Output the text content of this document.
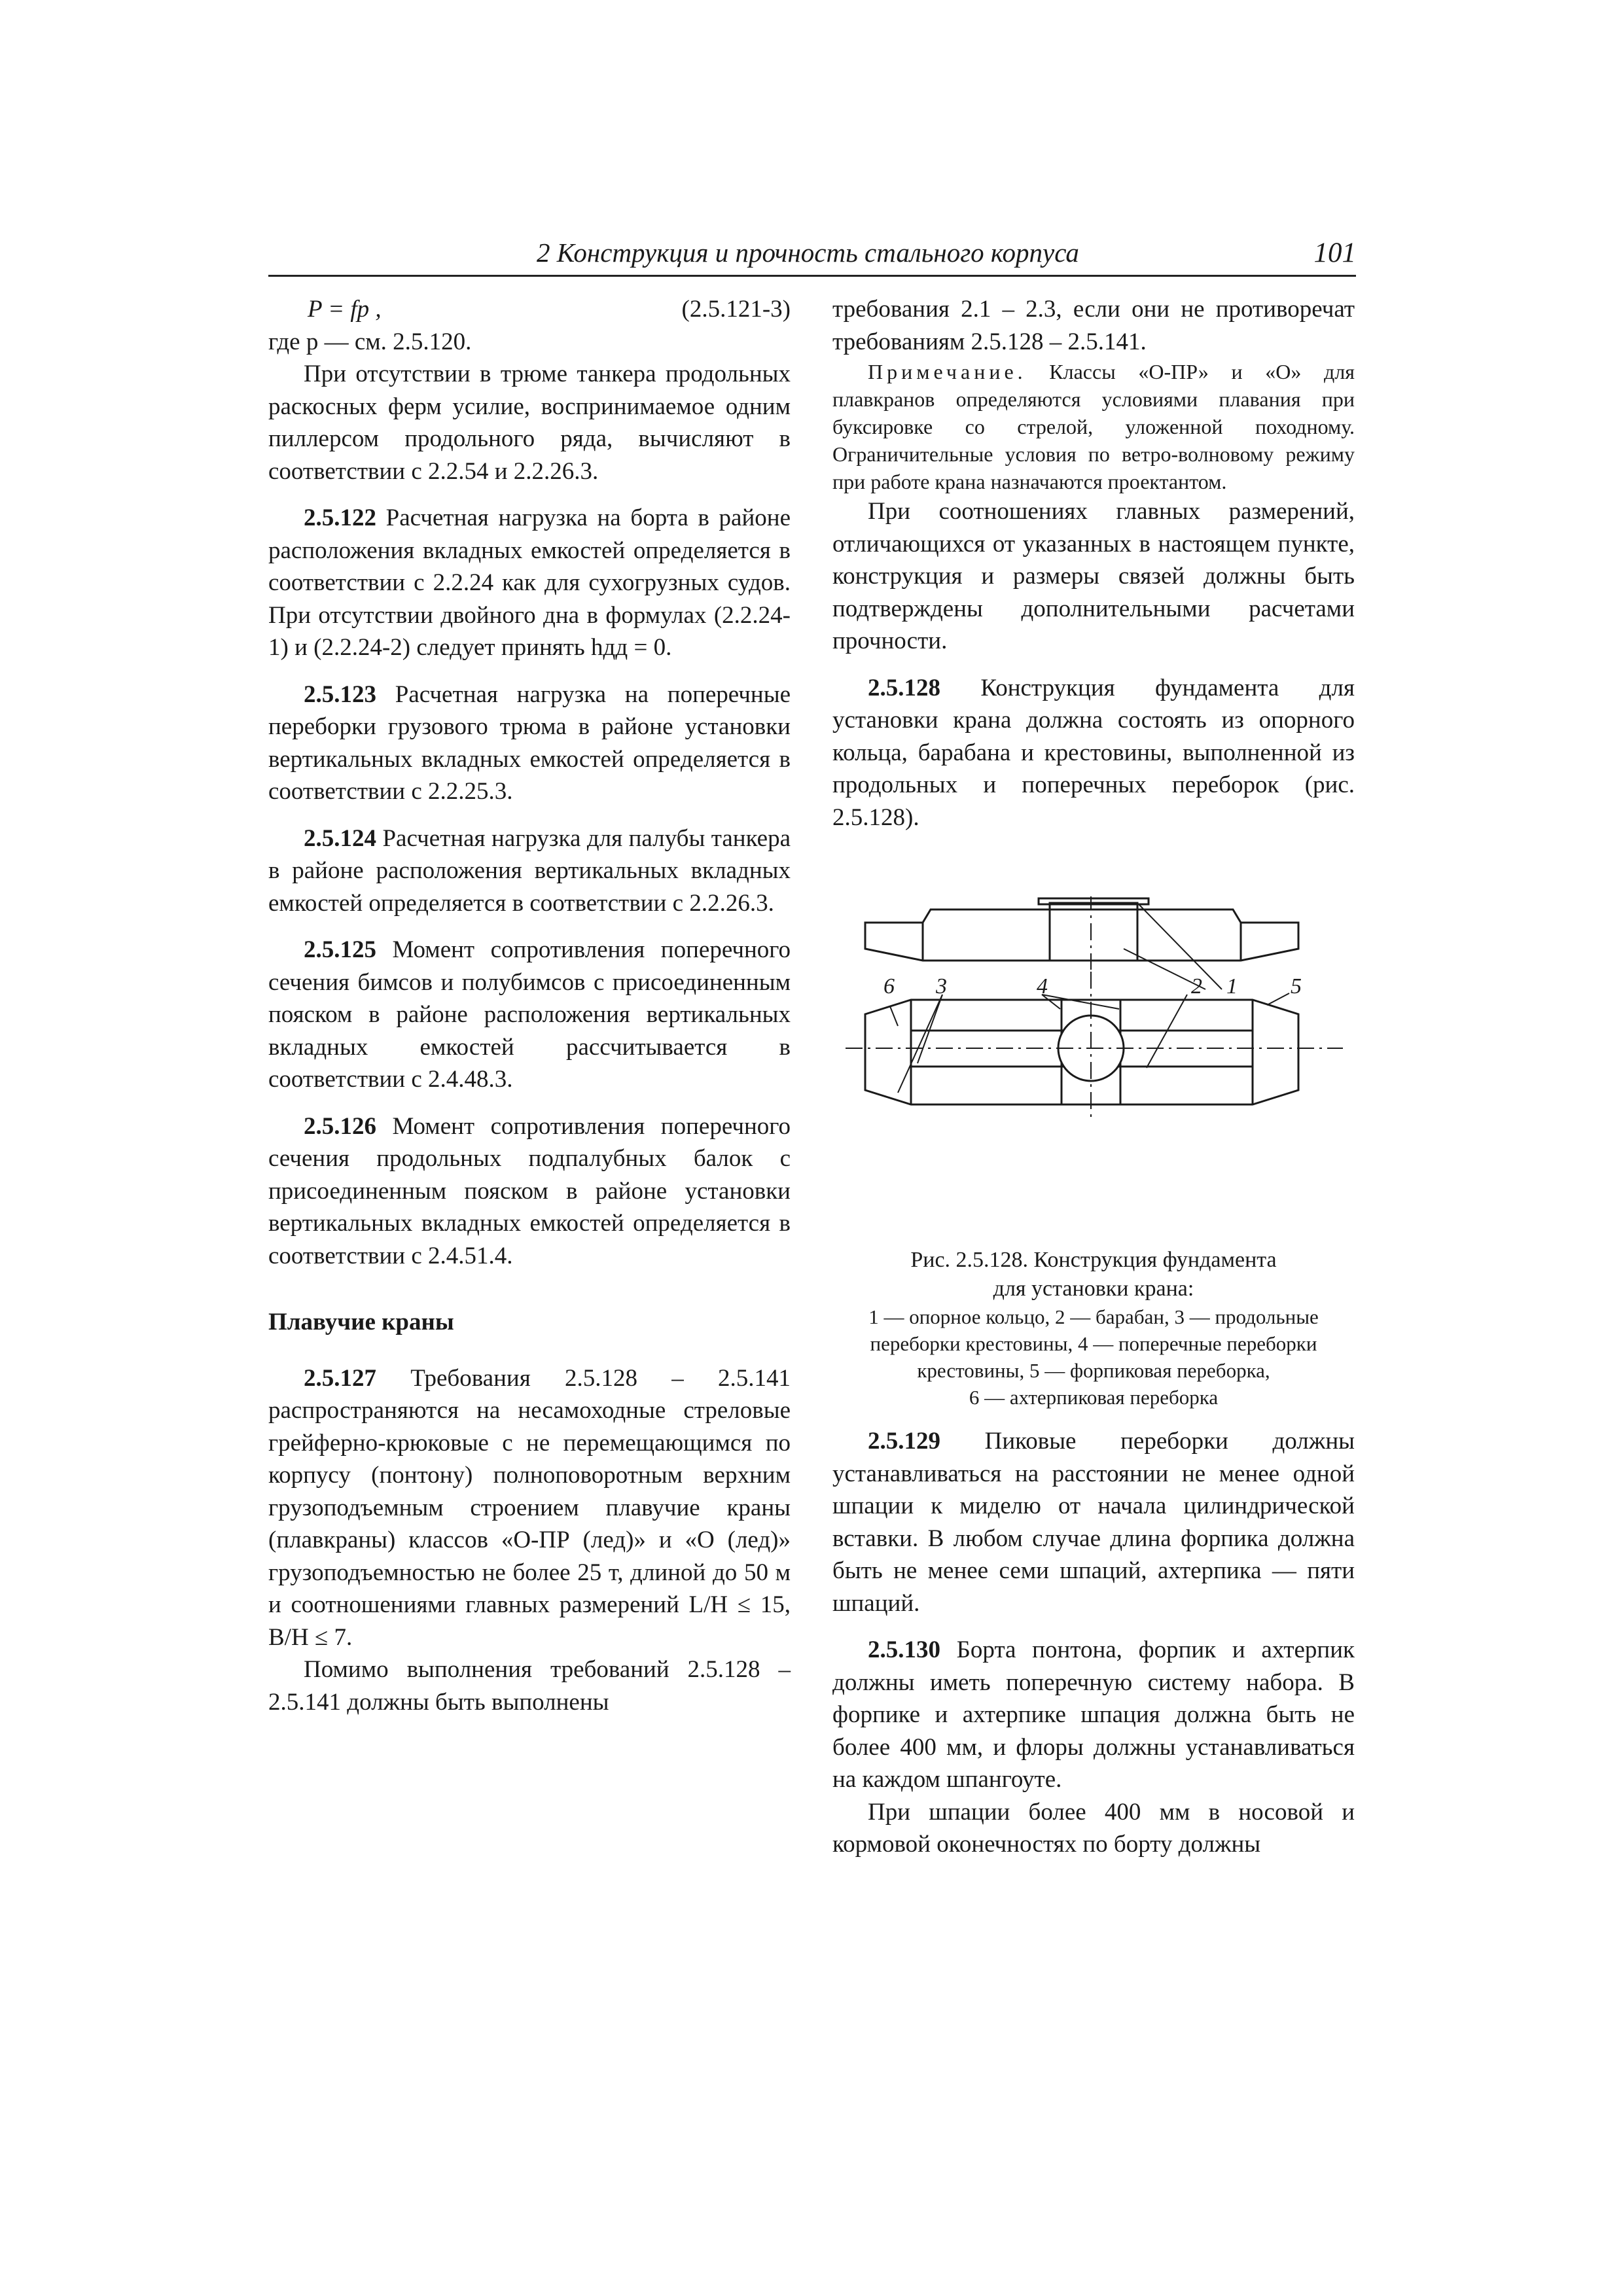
2 Конструкция и прочность стального корпуса	101

P = fp ,	(2.5.121-3)

где p — см. 2.5.120.

При отсутствии в трюме танкера продольных раскосных ферм усилие, воспринимаемое одним пиллерсом продольного ряда, вычисляют в соответствии с 2.2.54 и 2.2.26.3.

2.5.122 Расчетная нагрузка на борта в районе расположения вкладных емкостей определяется в соответствии с 2.2.24 как для сухогрузных судов. При отсутствии двойного дна в формулах (2.2.24-1) и (2.2.24-2) следует принять hдд = 0.

2.5.123 Расчетная нагрузка на поперечные переборки грузового трюма в районе установки вертикальных вкладных емкостей определяется в соответствии с 2.2.25.3.

2.5.124 Расчетная нагрузка для палубы танкера в районе расположения вертикальных вкладных емкостей определяется в соответствии с 2.2.26.3.

2.5.125 Момент сопротивления поперечного сечения бимсов и полубимсов с присоединенным пояском в районе расположения вертикальных вкладных емкостей рассчитывается в соответствии с 2.4.48.3.

2.5.126 Момент сопротивления поперечного сечения продольных подпалубных балок с присоединенным пояском в районе установки вертикальных вкладных емкостей определяется в соответствии с 2.4.51.4.

Плавучие краны

2.5.127 Требования 2.5.128 – 2.5.141 распространяются на несамоходные стреловые грейферно-крюковые с не перемещающимся по корпусу (понтону) полноповоротным верхним грузоподъемным строением плавучие краны (плавкраны) классов «О-ПР (лед)» и «О (лед)» грузоподъемностью не более 25 т, длиной до 50 м и соотношениями главных размерений L/H ≤ 15, B/H ≤ 7.

Помимо выполнения требований 2.5.128 – 2.5.141 должны быть выполнены

требования 2.1 – 2.3, если они не противоречат требованиям 2.5.128 – 2.5.141.

Примечание. Классы «О-ПР» и «О» для плавкранов определяются условиями плавания при буксировке со стрелой, уложенной походному. Ограничительные условия по ветро-волновому режиму при работе крана назначаются проектантом.

При соотношениях главных размерений, отличающихся от указанных в настоящем пункте, конструкция и размеры связей должны быть подтверждены дополнительными расчетами прочности.

2.5.128 Конструкция фундамента для установки крана должна состоять из опорного кольца, барабана и крестовины, выполненной из продольных и поперечных переборок (рис. 2.5.128).

6 3	4	2 1 5
Рис. 2.5.128. Конструкция фундамента
для установки крана:
1 — опорное кольцо, 2 — барабан, 3 — продольные
переборки крестовины, 4 — поперечные переборки
крестовины, 5 — форпиковая переборка,
6 — ахтерпиковая переборка

2.5.129 Пиковые переборки должны устанавливаться на расстоянии не менее одной шпации к миделю от начала цилиндрической вставки. В любом случае длина форпика должна быть не менее семи шпаций, ахтерпика — пяти шпаций.

2.5.130 Борта понтона, форпик и ахтерпик должны иметь поперечную систему набора. В форпике и ахтерпике шпация должна быть не более 400 мм, и флоры должны устанавливаться на каждом шпангоуте.

При шпации более 400 мм в носовой и кормовой оконечностях по борту должны
